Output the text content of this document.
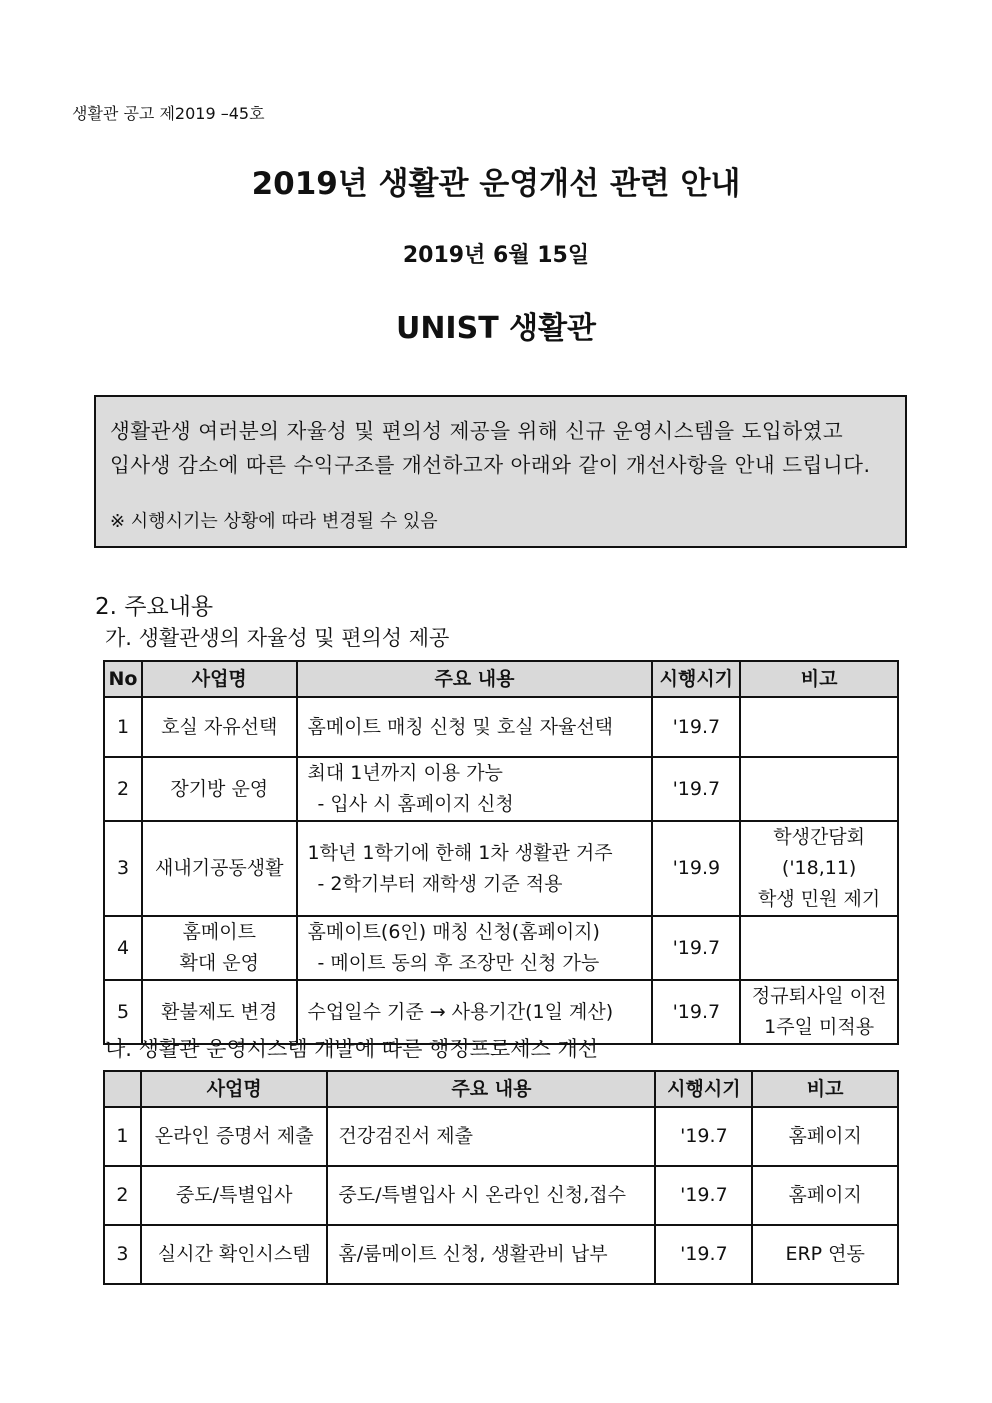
생활관 공고 제2019 –45호
2019년 생활관 운영개선 관련 안내
2019년 6월 15일
UNIST 생활관
생활관생 여러분의 자율성 및 편의성 제공을 위해 신규 운영시스템을 도입하였고
입사생 감소에 따른 수익구조를 개선하고자 아래와 같이 개선사항을 안내 드립니다.
※ 시행시기는 상황에 따라 변경될 수 있음
2. 주요내용
가. 생활관생의 자율성 및 편의성 제공
No	사업명	주요 내용	시행시기	비고
1	호실 자유선택	홈메이트 매칭 신청 및 호실 자율선택	'19.7	

2	장기방 운영	최대 1년까지 이용 가능
- 입사 시 홈페이지 신청	'19.7	

3	새내기공동생활	1학년 1학기에 한해 1차 생활관 거주
- 2학기부터 재학생 기준 적용	'19.9	학생간담회('18,11)
학생 민원 제기

4	홈메이트
확대 운영	홈메이트(6인) 매칭 신청(홈페이지)
- 메이트 동의 후 조장만 신청 가능	'19.7	

5	환불제도 변경	수업일수 기준 → 사용기간(1일 계산)	'19.7	정규퇴사일 이전
1주일 미적용
나. 생활관 운영시스템 개발에 따른 행정프로세스 개선
	사업명	주요 내용	시행시기	비고
1	온라인 증명서 제출	건강검진서 제출	'19.7	홈페이지
2	중도/특별입사	중도/특별입사 시 온라인 신청,접수	'19.7	홈페이지
3	실시간 확인시스템	홈/룸메이트 신청, 생활관비 납부	'19.7	ERP 연동
